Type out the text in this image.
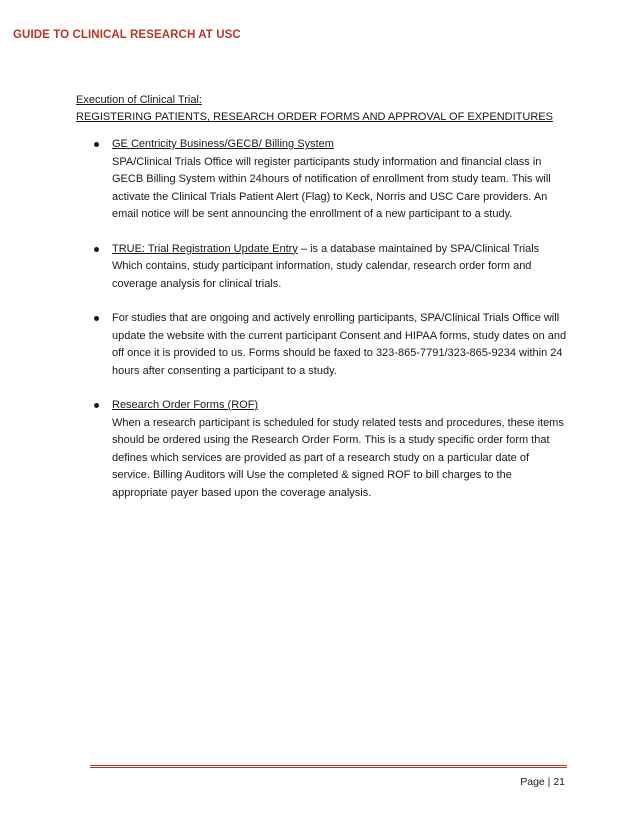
GUIDE TO CLINICAL RESEARCH AT USC
Execution of Clinical Trial:
REGISTERING PATIENTS, RESEARCH ORDER FORMS AND APPROVAL OF EXPENDITURES
GE Centricity Business/GECB/ Billing System
SPA/Clinical Trials Office will register participants study information and financial class in GECB Billing System within 24hours of notification of enrollment from study team. This will activate the Clinical Trials Patient Alert (Flag) to Keck, Norris and USC Care providers. An email notice will be sent announcing the enrollment of a new participant to a study.
TRUE: Trial Registration Update Entry – is a database maintained by SPA/Clinical Trials
Which contains, study participant information, study calendar, research order form and coverage analysis for clinical trials.
For studies that are ongoing and actively enrolling participants, SPA/Clinical Trials Office will update the website with the current participant Consent and HIPAA forms, study dates on and off once it is provided to us. Forms should be faxed to 323-865-7791/323-865-9234 within 24 hours after consenting a participant to a study.
Research Order Forms (ROF)
When a research participant is scheduled for study related tests and procedures, these items should be ordered using the Research Order Form. This is a study specific order form that defines which services are provided as part of a research study on a particular date of service. Billing Auditors will Use the completed & signed ROF to bill charges to the appropriate payer based upon the coverage analysis.
Page | 21
